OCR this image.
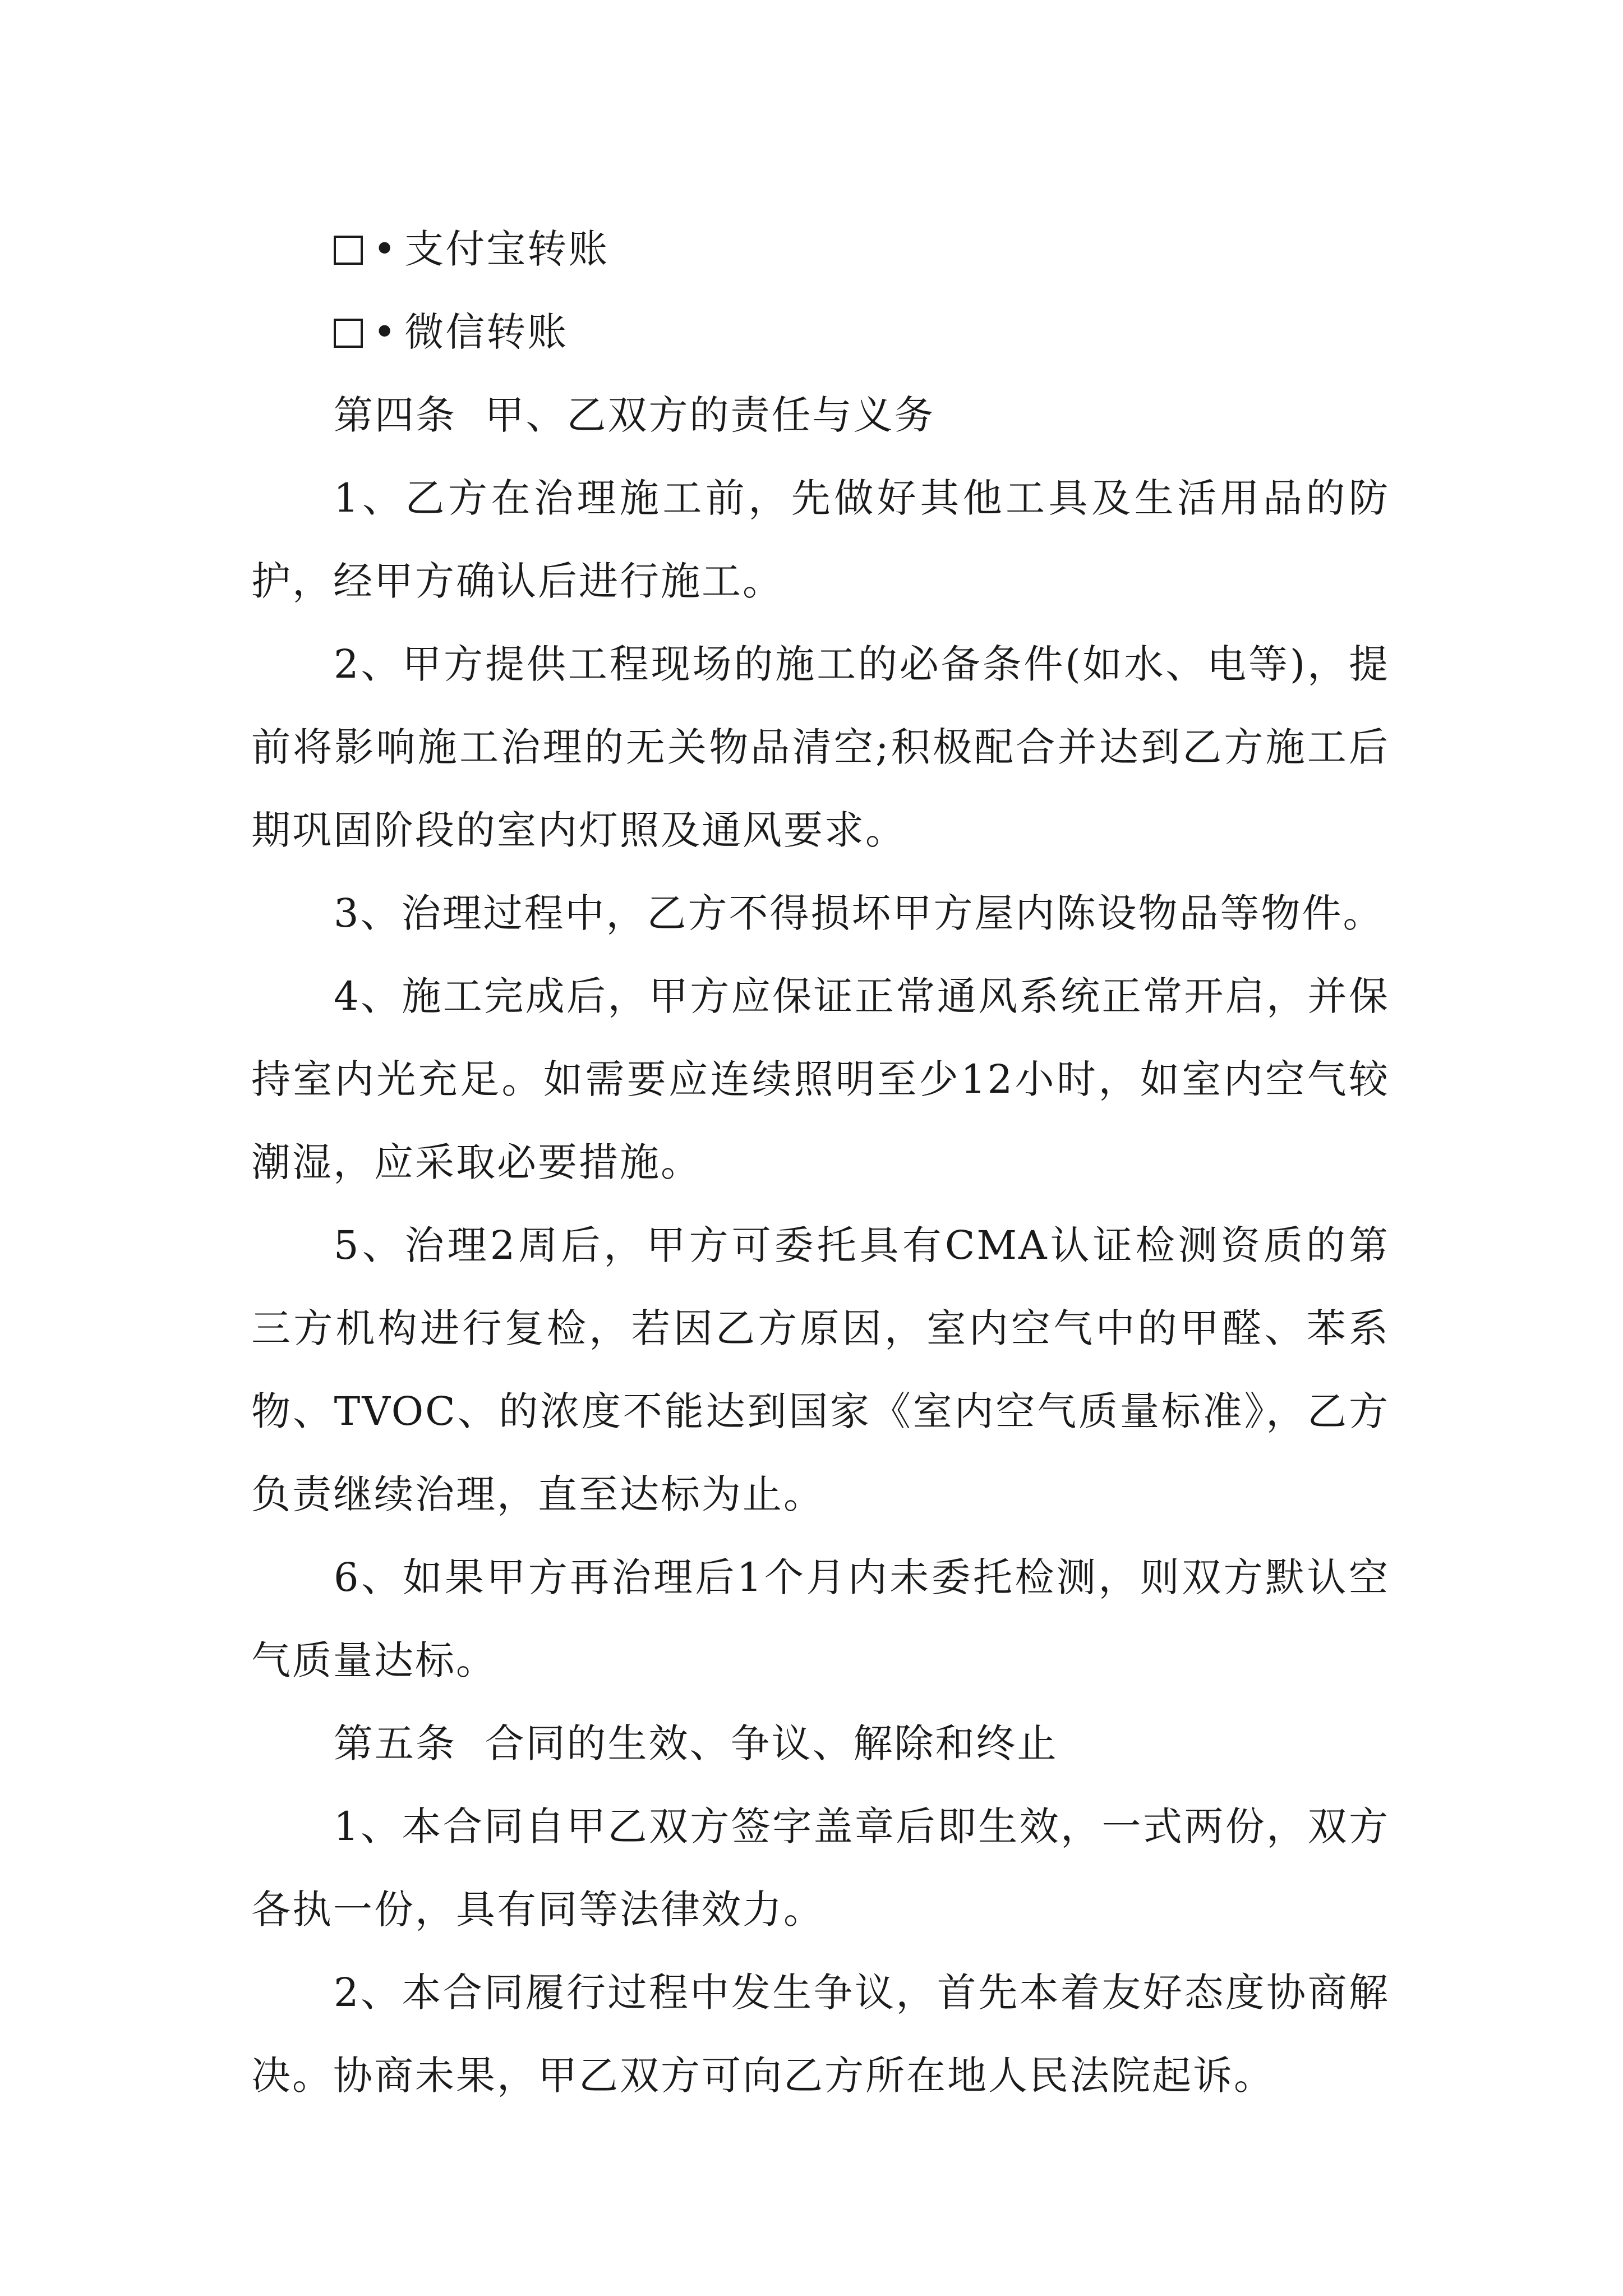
• 支付宝转账

• 微信转账

第四条  甲、乙双方的责任与义务

1、乙方在治理施工前，先做好其他工具及生活用品的防护，经甲方确认后进行施工。

2、甲方提供工程现场的施工的必备条件(如水、电等)，提前将影响施工治理的无关物品清空;积极配合并达到乙方施工后期巩固阶段的室内灯照及通风要求。

3、治理过程中，乙方不得损坏甲方屋内陈设物品等物件。

4、施工完成后，甲方应保证正常通风系统正常开启，并保持室内光充足。如需要应连续照明至少12小时，如室内空气较潮湿，应采取必要措施。

5、治理2周后，甲方可委托具有CMA认证检测资质的第三方机构进行复检，若因乙方原因，室内空气中的甲醛、苯系物、TVOC、的浓度不能达到国家《室内空气质量标准》，乙方负责继续治理，直至达标为止。

6、如果甲方再治理后1个月内未委托检测，则双方默认空气质量达标。

第五条  合同的生效、争议、解除和终止

1、本合同自甲乙双方签字盖章后即生效，一式两份，双方各执一份，具有同等法律效力。

2、本合同履行过程中发生争议，首先本着友好态度协商解决。协商未果，甲乙双方可向乙方所在地人民法院起诉。
